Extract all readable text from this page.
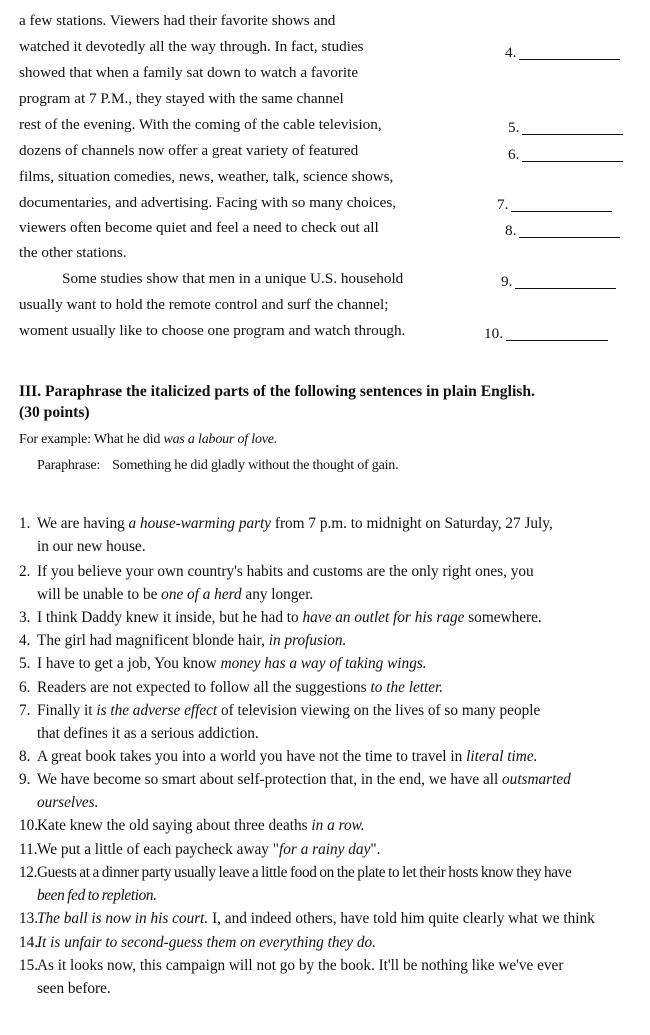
a few stations. Viewers had their favorite shows and
watched it devotedly all the way through. In fact, studies
showed that when a family sat down to watch a favorite
program at 7 P.M., they stayed with the same channel
rest of the evening. With the coming of the cable television,
dozens of channels now offer a great variety of featured
films, situation comedies, news, weather, talk, science shows,
documentaries, and advertising. Facing with so many choices,
viewers often become quiet and feel a need to check out all
the other stations.
Some studies show that men in a unique U.S. household
usually want to hold the remote control and surf the channel;
woment usually like to choose one program and watch through.
4.
5.
6.
7.
8.
9.
10.
III. Paraphrase the italicized parts of the following sentences in plain English.
(30 points)
For example: What he did was a labour of love.
Paraphrase: Something he did gladly without the thought of gain.
1. We are having a house-warming party from 7 p.m. to midnight on Saturday, 27 July,
in our new house.
2. If you believe your own country's habits and customs are the only right ones, you
will be unable to be one of a herd any longer.
3. I think Daddy knew it inside, but he had to have an outlet for his rage somewhere.
4. The girl had magnificent blonde hair, in profusion.
5. I have to get a job, You know money has a way of taking wings.
6. Readers are not expected to follow all the suggestions to the letter.
7. Finally it is the adverse effect of television viewing on the lives of so many people
that defines it as a serious addiction.
8. A great book takes you into a world you have not the time to travel in literal time.
9. We have become so smart about self-protection that, in the end, we have all outsmarted
ourselves.
10.Kate knew the old saying about three deaths in a row.
11.We put a little of each paycheck away "for a rainy day".
12.Guests at a dinner party usually leave a little food on the plate to let their hosts know they have
been fed to repletion.
13.The ball is now in his court. I, and indeed others, have told him quite clearly what we think
14.It is unfair to second-guess them on everything they do.
15.As it looks now, this campaign will not go by the book. It'll be nothing like we've ever
seen before.
